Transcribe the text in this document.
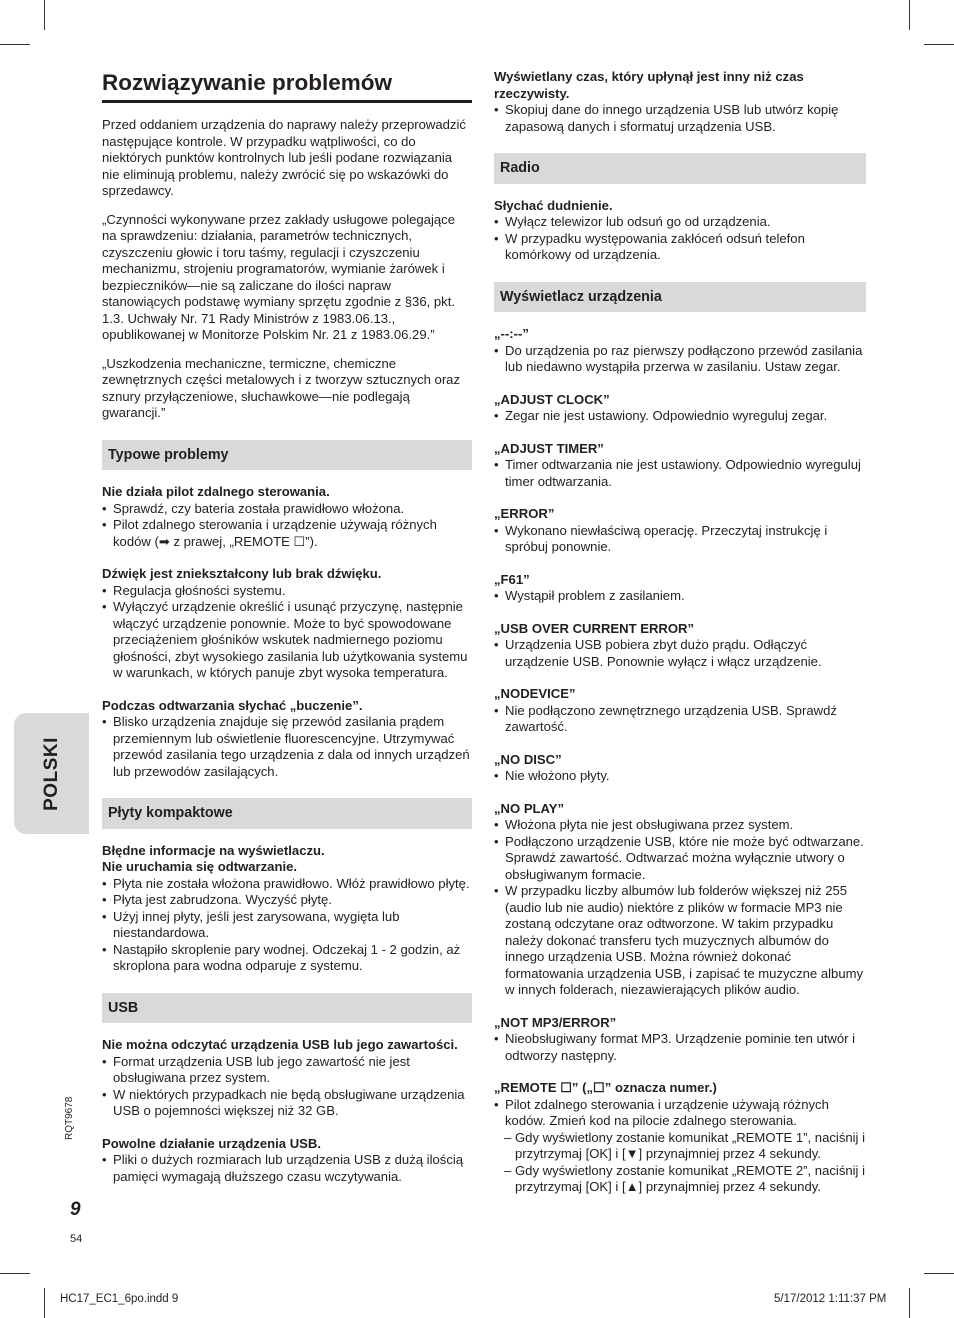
POLSKI
RQT9678
9
54
Rozwiązywanie problemów

Przed oddaniem urządzenia do naprawy należy przeprowadzić następujące kontrole. W przypadku wątpliwości, co do niektórych punktów kontrolnych lub jeśli podane rozwiązania nie eliminują problemu, należy zwrócić się po wskazówki do sprzedawcy.

„Czynności wykonywane przez zakłady usługowe polegające na sprawdzeniu: działania, parametrów technicznych, czyszczeniu głowic i toru taśmy, regulacji i czyszczeniu mechanizmu, strojeniu programatorów, wymianie żarówek i bezpieczników—nie są zaliczane do ilości napraw stanowiących podstawę wymiany sprzętu zgodnie z §36, pkt. 1.3. Uchwały Nr. 71 Rady Ministrów z 1983.06.13., opublikowanej w Monitorze Polskim Nr. 21 z 1983.06.29.”

„Uszkodzenia mechaniczne, termiczne, chemiczne zewnętrznych części metalowych i z tworzyw sztucznych oraz sznury przyłączeniowe, słuchawkowe—nie podlegają gwarancji.”

Typowe problemy
Nie działa pilot zdalnego sterowania.
• Sprawdź, czy bateria została prawidłowo włożona.
• Pilot zdalnego sterowania i urządzenie używają różnych kodów (➡ z prawej, „REMOTE ☐”).
Dźwięk jest zniekształcony lub brak dźwięku.
• Regulacja głośności systemu.
• Wyłączyć urządzenie określić i usunąć przyczynę, następnie włączyć urządzenie ponownie. Może to być spowodowane przeciążeniem głośników wskutek nadmiernego poziomu głośności, zbyt wysokiego zasilania lub użytkowania systemu w warunkach, w których panuje zbyt wysoka temperatura.
Podczas odtwarzania słychać „buczenie”.
• Blisko urządzenia znajduje się przewód zasilania prądem przemiennym lub oświetlenie fluorescencyjne. Utrzymywać przewód zasilania tego urządzenia z dala od innych urządzeń lub przewodów zasilających.
Płyty kompaktowe
Błędne informacje na wyświetlaczu.
Nie uruchamia się odtwarzanie.
• Płyta nie została włożona prawidłowo. Włóż prawidłowo płytę.
• Płyta jest zabrudzona. Wyczyść płytę.
• Użyj innej płyty, jeśli jest zarysowana, wygięta lub niestandardowa.
• Nastąpiło skroplenie pary wodnej. Odczekaj 1 - 2 godzin, aż skroplona para wodna odparuje z systemu.
USB
Nie można odczytać urządzenia USB lub jego zawartości.
• Format urządzenia USB lub jego zawartość nie jest obsługiwana przez system.
• W niektórych przypadkach nie będą obsługiwane urządzenia USB o pojemności większej niż 32 GB.
Powolne działanie urządzenia USB.
• Pliki o dużych rozmiarach lub urządzenia USB z dużą ilością pamięci wymagają dłuższego czasu wczytywania.
Wyświetlany czas, który upłynął jest inny niż czas rzeczywisty.
• Skopiuj dane do innego urządzenia USB lub utwórz kopię zapasową danych i sformatuj urządzenia USB.
Radio
Słychać dudnienie.
• Wyłącz telewizor lub odsuń go od urządzenia.
• W przypadku występowania zakłóceń odsuń telefon komórkowy od urządzenia.
Wyświetlacz urządzenia
„--:--”
• Do urządzenia po raz pierwszy podłączono przewód zasilania lub niedawno wystąpiła przerwa w zasilaniu. Ustaw zegar.
„ADJUST CLOCK”
• Zegar nie jest ustawiony. Odpowiednio wyreguluj zegar.
„ADJUST TIMER”
• Timer odtwarzania nie jest ustawiony. Odpowiednio wyreguluj timer odtwarzania.
„ERROR”
• Wykonano niewłaściwą operację. Przeczytaj instrukcję i spróbuj ponownie.
„F61”
• Wystąpił problem z zasilaniem.
„USB OVER CURRENT ERROR”
• Urządzenia USB pobiera zbyt dużo prądu. Odłączyć urządzenie USB. Ponownie wyłącz i włącz urządzenie.
„NODEVICE”
• Nie podłączono zewnętrznego urządzenia USB. Sprawdź zawartość.
„NO DISC”
• Nie włożono płyty.
„NO PLAY”
• Włożona płyta nie jest obsługiwana przez system.
• Podłączono urządzenie USB, które nie może być odtwarzane. Sprawdź zawartość. Odtwarzać można wyłącznie utwory o obsługiwanym formacie.
• W przypadku liczby albumów lub folderów większej niż 255 (audio lub nie audio) niektóre z plików w formacie MP3 nie zostaną odczytane oraz odtworzone. W takim przypadku należy dokonać transferu tych muzycznych albumów do innego urządzenia USB. Można również dokonać formatowania urządzenia USB, i zapisać te muzyczne albumy w innych folderach, niezawierających plików audio.
„NOT MP3/ERROR”
• Nieobsługiwany format MP3. Urządzenie pominie ten utwór i odtworzy następny.
„REMOTE ☐” („☐” oznacza numer.)
• Pilot zdalnego sterowania i urządzenie używają różnych kodów. Zmień kod na pilocie zdalnego sterowania.
– Gdy wyświetlony zostanie komunikat „REMOTE 1”, naciśnij i przytrzymaj [OK] i [▼] przynajmniej przez 4 sekundy.
– Gdy wyświetlony zostanie komunikat „REMOTE 2”, naciśnij i przytrzymaj [OK] i [▲] przynajmniej przez 4 sekundy.
HC17_EC1_6po.indd 9	5/17/2012 1:11:37 PM
